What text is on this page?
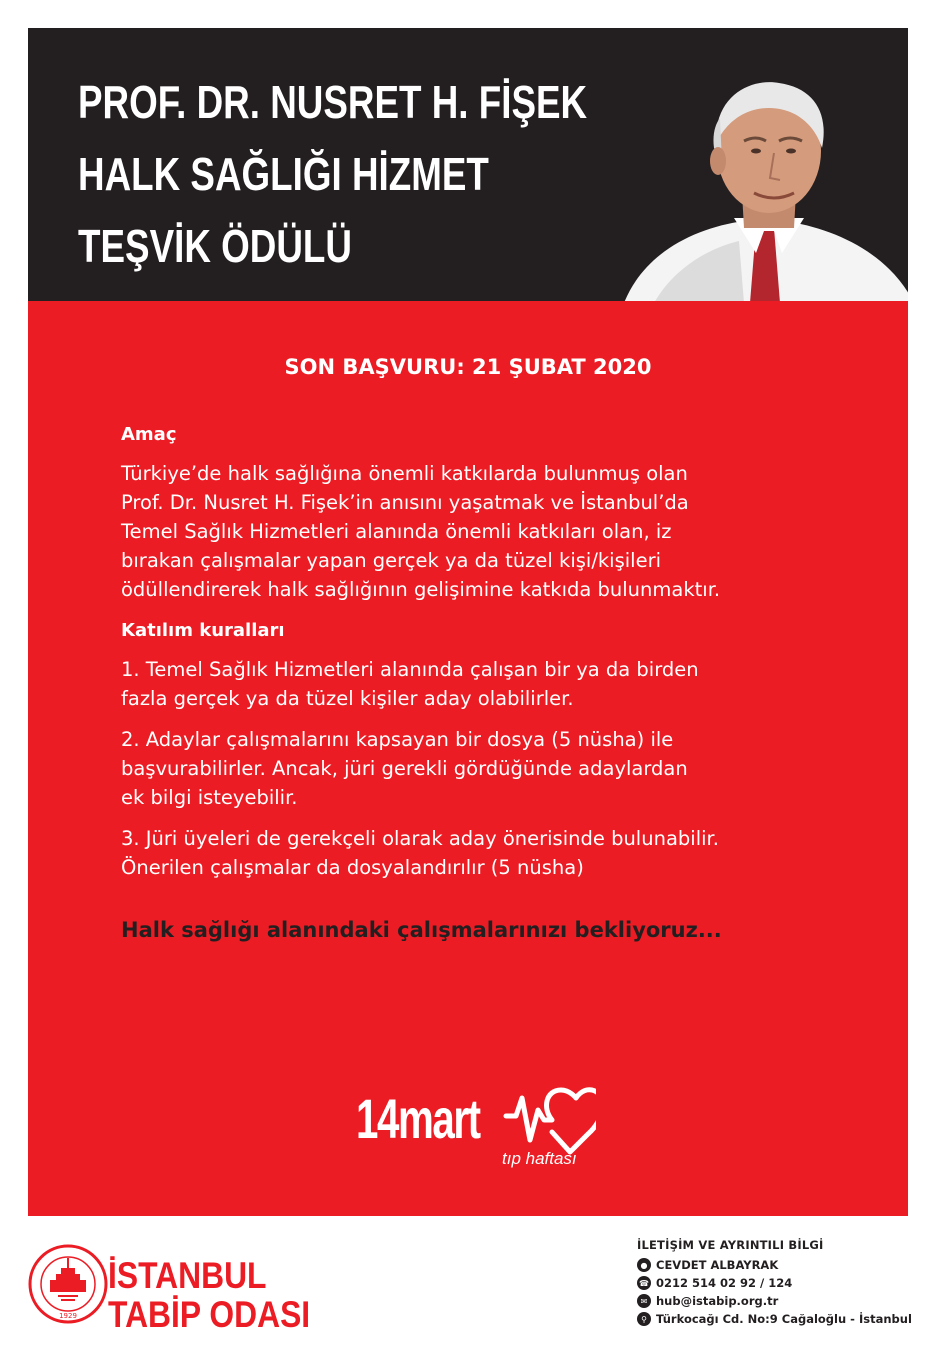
PROF. DR. NUSRET H. FİŞEK
HALK SAĞLIĞI HİZMET
TEŞVİK ÖDÜLÜ
SON BAŞVURU: 21 ŞUBAT 2020
Amaç
Türkiye’de halk sağlığına önemli katkılarda bulunmuş olan
Prof. Dr. Nusret H. Fişek’in anısını yaşatmak ve İstanbul’da
Temel Sağlık Hizmetleri alanında önemli katkıları olan, iz
bırakan çalışmalar yapan gerçek ya da tüzel kişi/kişileri
ödüllendirerek halk sağlığının gelişimine katkıda bulunmaktır.
Katılım kuralları
1. Temel Sağlık Hizmetleri alanında çalışan bir ya da birden
fazla gerçek ya da tüzel kişiler aday olabilirler.
2. Adaylar çalışmalarını kapsayan bir dosya (5 nüsha) ile
başvurabilirler. Ancak, jüri gerekli gördüğünde adaylardan
ek bilgi isteyebilir.
3. Jüri üyeleri de gerekçeli olarak aday önerisinde bulunabilir.
Önerilen çalışmalar da dosyalandırılır (5 nüsha)
Halk sağlığı alanındaki çalışmalarınızı bekliyoruz...
14mart
tıp haftası
1929
İSTANBUL
TABİP ODASI
İLETİŞİM VE AYRINTILI BİLGİ
● CEVDET ALBAYRAK
☎ 0212 514 02 92 / 124
✉ hub@istabip.org.tr
⚲ Türkocağı Cd. No:9 Cağaloğlu - İstanbul
